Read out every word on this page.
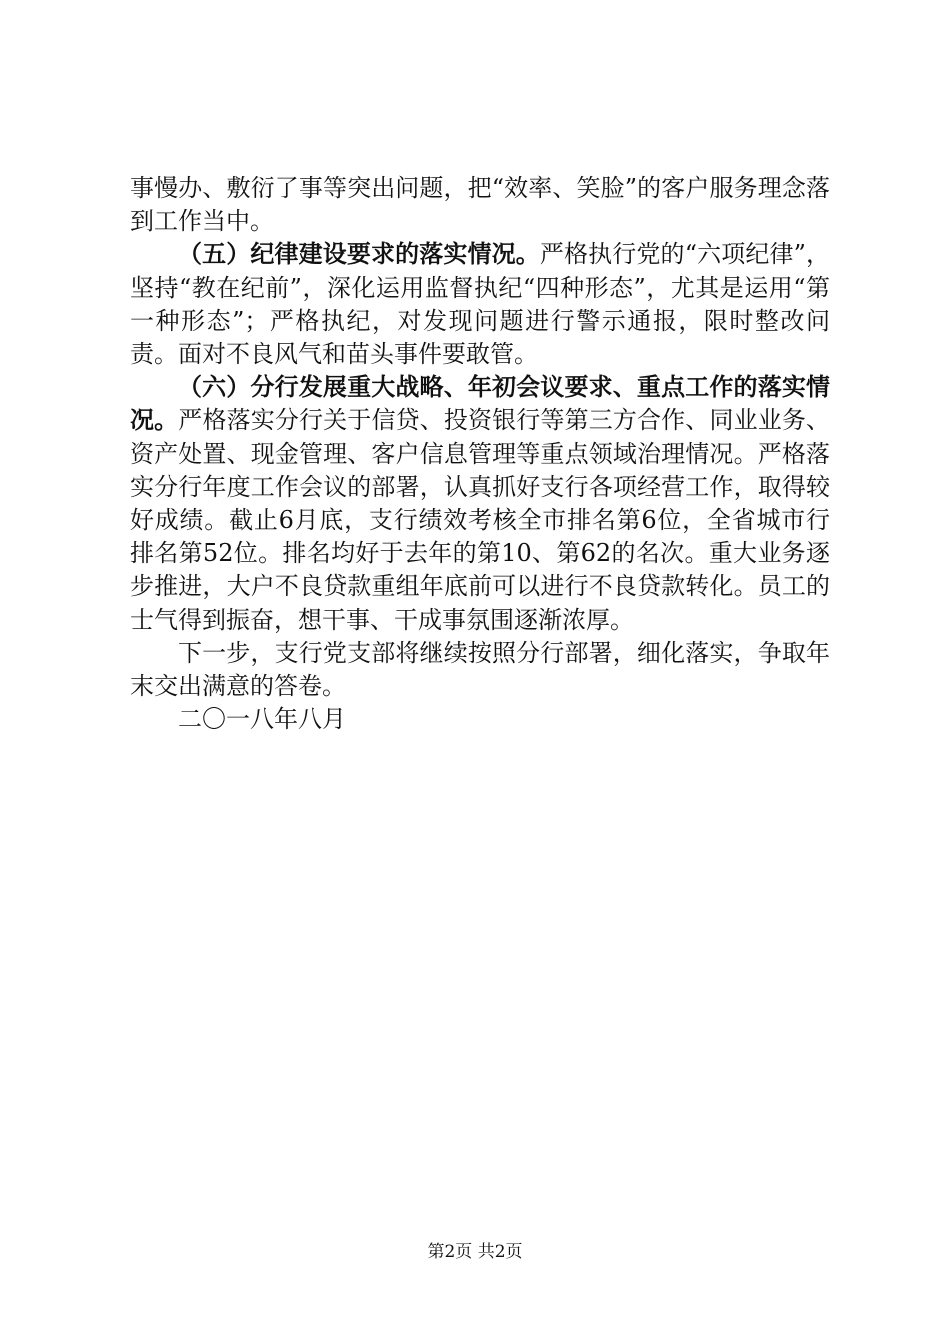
事慢办、敷衍了事等突出问题，把“效率、笑脸”的客户服务理念落到工作当中。

（五）纪律建设要求的落实情况。严格执行党的“六项纪律”，坚持“教在纪前”，深化运用监督执纪“四种形态”，尤其是运用“第一种形态”；严格执纪，对发现问题进行警示通报，限时整改问责。面对不良风气和苗头事件要敢管。

（六）分行发展重大战略、年初会议要求、重点工作的落实情况。严格落实分行关于信贷、投资银行等第三方合作、同业业务、资产处置、现金管理、客户信息管理等重点领域治理情况。严格落实分行年度工作会议的部署，认真抓好支行各项经营工作，取得较好成绩。截止6月底，支行绩效考核全市排名第6位，全省城市行排名第52位。排名均好于去年的第10、第62的名次。重大业务逐步推进，大户不良贷款重组年底前可以进行不良贷款转化。员工的士气得到振奋，想干事、干成事氛围逐渐浓厚。

下一步，支行党支部将继续按照分行部署，细化落实，争取年末交出满意的答卷。

二〇一八年八月

第2页 共2页
